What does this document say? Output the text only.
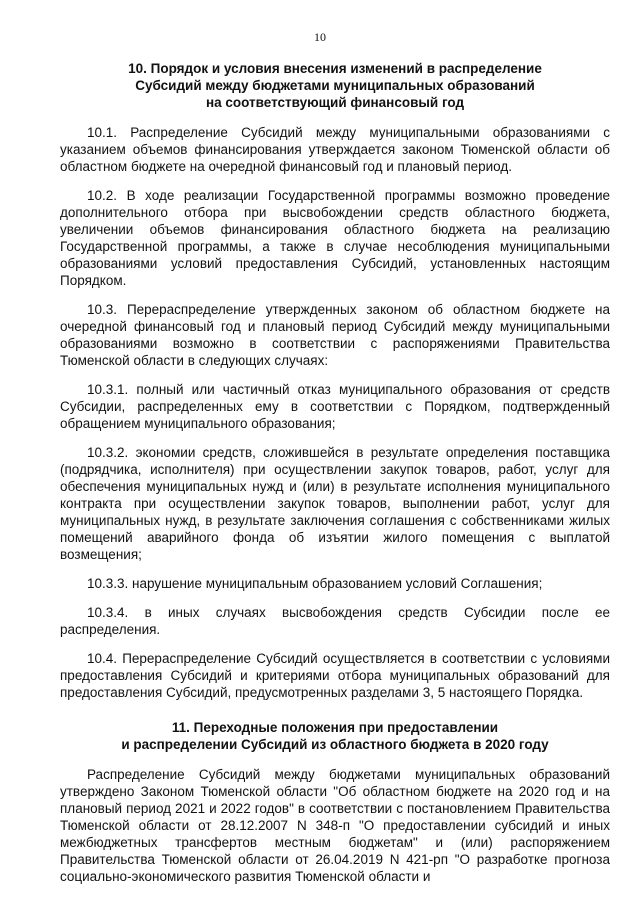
10
10. Порядок и условия внесения изменений в распределение
Субсидий между бюджетами муниципальных образований
на соответствующий финансовый год

10.1. Распределение Субсидий между муниципальными образованиями с указанием объемов финансирования утверждается законом Тюменской области об областном бюджете на очередной финансовый год и плановый период.

10.2. В ходе реализации Государственной программы возможно проведение дополнительного отбора при высвобождении средств областного бюджета, увеличении объемов финансирования областного бюджета на реализацию Государственной программы, а также в случае несоблюдения муниципальными образованиями условий предоставления Субсидий, установленных настоящим Порядком.

10.3. Перераспределение утвержденных законом об областном бюджете на очередной финансовый год и плановый период Субсидий между муниципальными образованиями возможно в соответствии с распоряжениями Правительства Тюменской области в следующих случаях:

10.3.1. полный или частичный отказ муниципального образования от средств Субсидии, распределенных ему в соответствии с Порядком, подтвержденный обращением муниципального образования;

10.3.2. экономии средств, сложившейся в результате определения поставщика (подрядчика, исполнителя) при осуществлении закупок товаров, работ, услуг для обеспечения муниципальных нужд и (или) в результате исполнения муниципального контракта при осуществлении закупок товаров, выполнении работ, услуг для муниципальных нужд, в результате заключения соглашения с собственниками жилых помещений аварийного фонда об изъятии жилого помещения с выплатой возмещения;

10.3.3. нарушение муниципальным образованием условий Соглашения;

10.3.4. в иных случаях высвобождения средств Субсидии после ее распределения.

10.4. Перераспределение Субсидий осуществляется в соответствии с условиями предоставления Субсидий и критериями отбора муниципальных образований для предоставления Субсидий, предусмотренных разделами 3, 5 настоящего Порядка.

11. Переходные положения при предоставлении
и распределении Субсидий из областного бюджета в 2020 году

Распределение Субсидий между бюджетами муниципальных образований утверждено Законом Тюменской области "Об областном бюджете на 2020 год и на плановый период 2021 и 2022 годов" в соответствии с постановлением Правительства Тюменской области от 28.12.2007 N 348-п "О предоставлении субсидий и иных межбюджетных трансфертов местным бюджетам" и (или) распоряжением Правительства Тюменской области от 26.04.2019 N 421-рп "О разработке прогноза социально-экономического развития Тюменской области и
